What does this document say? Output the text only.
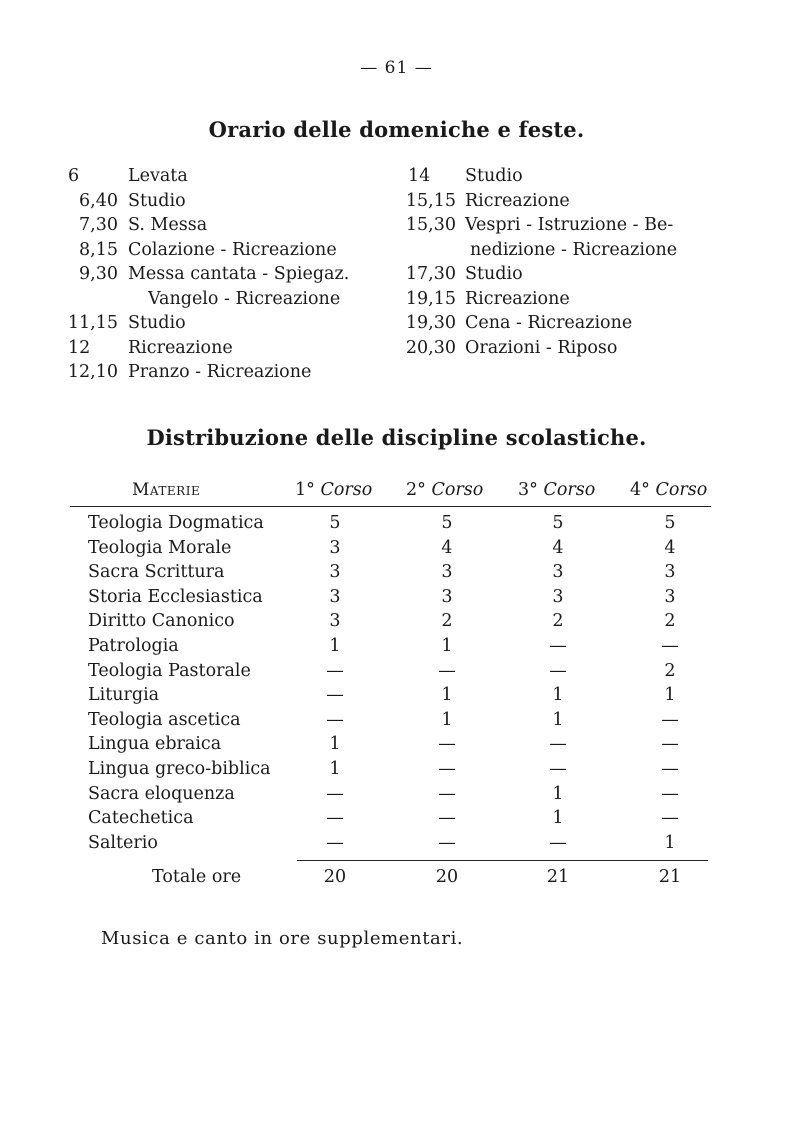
— 61 —
Orario delle domeniche e feste.
6	Levata
6,40 Studio
7,30 S. Messa
8,15 Colazione - Ricreazione
9,30 Messa cantata - Spiegaz.
Vangelo - Ricreazione
11,15 Studio
12	Ricreazione
12,10 Pranzo - Ricreazione
14	Studio
15,15 Ricreazione
15,30 Vespri - Istruzione - Be-
nedizione - Ricreazione
17,30 Studio
19,15 Ricreazione
19,30 Cena - Ricreazione
20,30 Orazioni - Riposo
Distribuzione delle discipline scolastiche.
Materie	1° Corso 2° Corso 3° Corso 4° Corso
Teologia Dogmatica	5	5	5	5
Teologia Morale	3	4	4	4
Sacra Scrittura	3	3	3	3
Storia Ecclesiastica	3	3	3	3
Diritto Canonico	3	2	2	2
Patrologia	1	1	—	—
Teologia Pastorale	—	—	—	2
Liturgia	—	1	1	1
Teologia ascetica	—	1	1	—
Lingua ebraica	1	—	—	—
Lingua greco-biblica	1	—	—	—
Sacra eloquenza	—	—	1	—
Catechetica	—	—	1	—
Salterio	—	—	—	1
Totale ore	20	20	21	21
Musica e canto in ore supplementari.
